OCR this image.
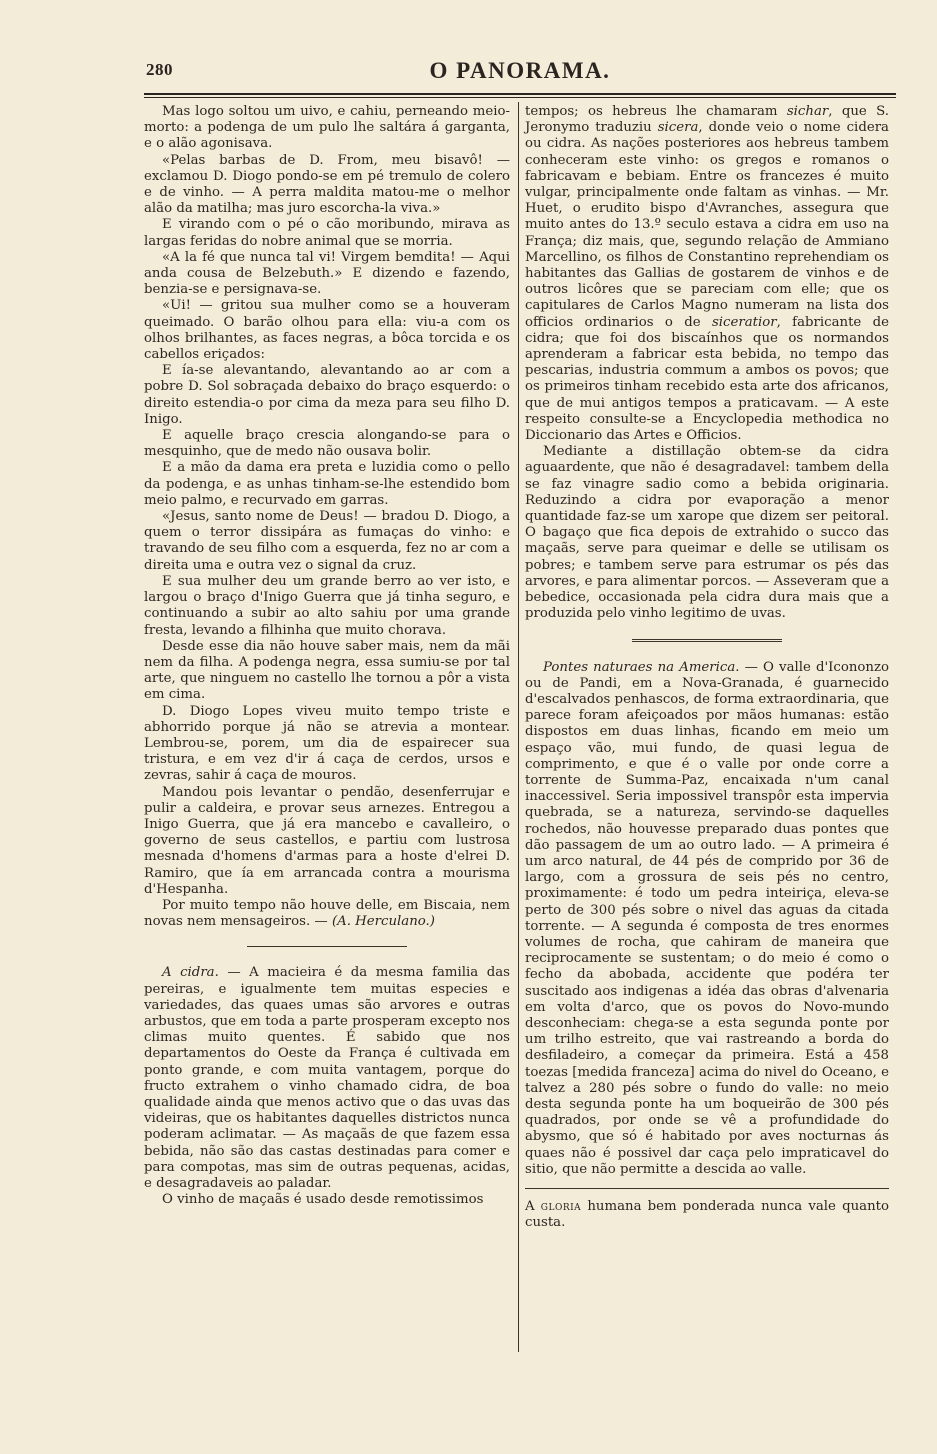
280	O PANORAMA.

Mas logo soltou um uivo, e cahiu, perneando meio-morto: a podenga de um pulo lhe saltára á garganta, e o alão agonisava.

«Pelas barbas de D. From, meu bisavô! — exclamou D. Diogo pondo-se em pé tremulo de colero e de vinho. — A perra maldita matou-me o melhor alão da matilha; mas juro escorcha-la viva.»

E virando com o pé o cão moribundo, mirava as largas feridas do nobre animal que se morria.

«A la fé que nunca tal vi! Virgem bemdita! — Aqui anda cousa de Belzebuth.» E dizendo e fazendo, benzia-se e persignava-se.

«Ui! — gritou sua mulher como se a houveram queimado. O barão olhou para ella: viu-a com os olhos brilhantes, as faces negras, a bôca torcida e os cabellos eriçados:

E ía-se alevantando, alevantando ao ar com a pobre D. Sol sobraçada debaixo do braço esquerdo: o direito estendia-o por cima da meza para seu filho D. Inigo.

E aquelle braço crescia alongando-se para o mesquinho, que de medo não ousava bolir.

E a mão da dama era preta e luzidia como o pello da podenga, e as unhas tinham-se-lhe estendido bom meio palmo, e recurvado em garras.

«Jesus, santo nome de Deus! — bradou D. Diogo, a quem o terror dissipára as fumaças do vinho: e travando de seu filho com a esquerda, fez no ar com a direita uma e outra vez o signal da cruz.

E sua mulher deu um grande berro ao ver isto, e largou o braço d'Inigo Guerra que já tinha seguro, e continuando a subir ao alto sahiu por uma grande fresta, levando a filhinha que muito chorava.

Desde esse dia não houve saber mais, nem da mãi nem da filha. A podenga negra, essa sumiu-se por tal arte, que ninguem no castello lhe tornou a pôr a vista em cima.

D. Diogo Lopes viveu muito tempo triste e abhorrido porque já não se atrevia a montear. Lembrou-se, porem, um dia de espairecer sua tristura, e em vez d'ir á caça de cerdos, ursos e zevras, sahir á caça de mouros.

Mandou pois levantar o pendão, desenferrujar e pulir a caldeira, e provar seus arnezes. Entregou a Inigo Guerra, que já era mancebo e cavalleiro, o governo de seus castellos, e partiu com lustrosa mesnada d'homens d'armas para a hoste d'elrei D. Ramiro, que ía em arrancada contra a mourisma d'Hespanha.

Por muito tempo não houve delle, em Biscaia, nem novas nem mensageiros. — (A. Herculano.)

A cidra. — A macieira é da mesma familia das pereiras, e igualmente tem muitas especies e variedades, das quaes umas são arvores e outras arbustos, que em toda a parte prosperam excepto nos climas muito quentes. É sabido que nos departamentos do Oeste da França é cultivada em ponto grande, e com muita vantagem, porque do fructo extrahem o vinho chamado cidra, de boa qualidade ainda que menos activo que o das uvas das videiras, que os habitantes daquelles districtos nunca poderam aclimatar. — As maçaãs de que fazem essa bebida, não são das castas destinadas para comer e para compotas, mas sim de outras pequenas, acidas, e desagradaveis ao paladar.

O vinho de maçaãs é usado desde remotissimos

tempos; os hebreus lhe chamaram sichar, que S. Jeronymo traduziu sicera, donde veio o nome cidera ou cidra. As nações posteriores aos hebreus tambem conheceram este vinho: os gregos e romanos o fabricavam e bebiam. Entre os francezes é muito vulgar, principalmente onde faltam as vinhas. — Mr. Huet, o erudito bispo d'Avranches, assegura que muito antes do 13.º seculo estava a cidra em uso na França; diz mais, que, segundo relação de Ammiano Marcellino, os filhos de Constantino reprehendiam os habitantes das Gallias de gostarem de vinhos e de outros licôres que se pareciam com elle; que os capitulares de Carlos Magno numeram na lista dos officios ordinarios o de siceratior, fabricante de cidra; que foi dos biscaínhos que os normandos aprenderam a fabricar esta bebida, no tempo das pescarias, industria commum a ambos os povos; que os primeiros tinham recebido esta arte dos africanos, que de mui antigos tempos a praticavam. — A este respeito consulte-se a Encyclopedia methodica no Diccionario das Artes e Officios.

Mediante a distillação obtem-se da cidra aguaardente, que não é desagradavel: tambem della se faz vinagre sadio como a bebida originaria. Reduzindo a cidra por evaporação a menor quantidade faz-se um xarope que dizem ser peitoral. O bagaço que fica depois de extrahido o succo das maçaãs, serve para queimar e delle se utilisam os pobres; e tambem serve para estrumar os pés das arvores, e para alimentar porcos. — Asseveram que a bebedice, occasionada pela cidra dura mais que a produzida pelo vinho legitimo de uvas.

Pontes naturaes na America. — O valle d'Icononzo ou de Pandi, em a Nova-Granada, é guarnecido d'escalvados penhascos, de forma extraordinaria, que parece foram afeiçoados por mãos humanas: estão dispostos em duas linhas, ficando em meio um espaço vão, mui fundo, de quasi legua de comprimento, e que é o valle por onde corre a torrente de Summa-Paz, encaixada n'um canal inaccessivel. Seria impossivel transpôr esta impervia quebrada, se a natureza, servindo-se daquelles rochedos, não houvesse preparado duas pontes que dão passagem de um ao outro lado. — A primeira é um arco natural, de 44 pés de comprido por 36 de largo, com a grossura de seis pés no centro, proximamente: é todo um pedra inteiriça, eleva-se perto de 300 pés sobre o nivel das aguas da citada torrente. — A segunda é composta de tres enormes volumes de rocha, que cahiram de maneira que reciprocamente se sustentam; o do meio é como o fecho da abobada, accidente que podéra ter suscitado aos indigenas a idéa das obras d'alvenaria em volta d'arco, que os povos do Novo-mundo desconheciam: chega-se a esta segunda ponte por um trilho estreito, que vai rastreando a borda do desfiladeiro, a começar da primeira. Está a 458 toezas [medida franceza] acima do nivel do Oceano, e talvez a 280 pés sobre o fundo do valle: no meio desta segunda ponte ha um boqueirão de 300 pés quadrados, por onde se vê a profundidade do abysmo, que só é habitado por aves nocturnas ás quaes não é possivel dar caça pelo impraticavel do sitio, que não permitte a descida ao valle.

A gloria humana bem ponderada nunca vale quanto custa.
